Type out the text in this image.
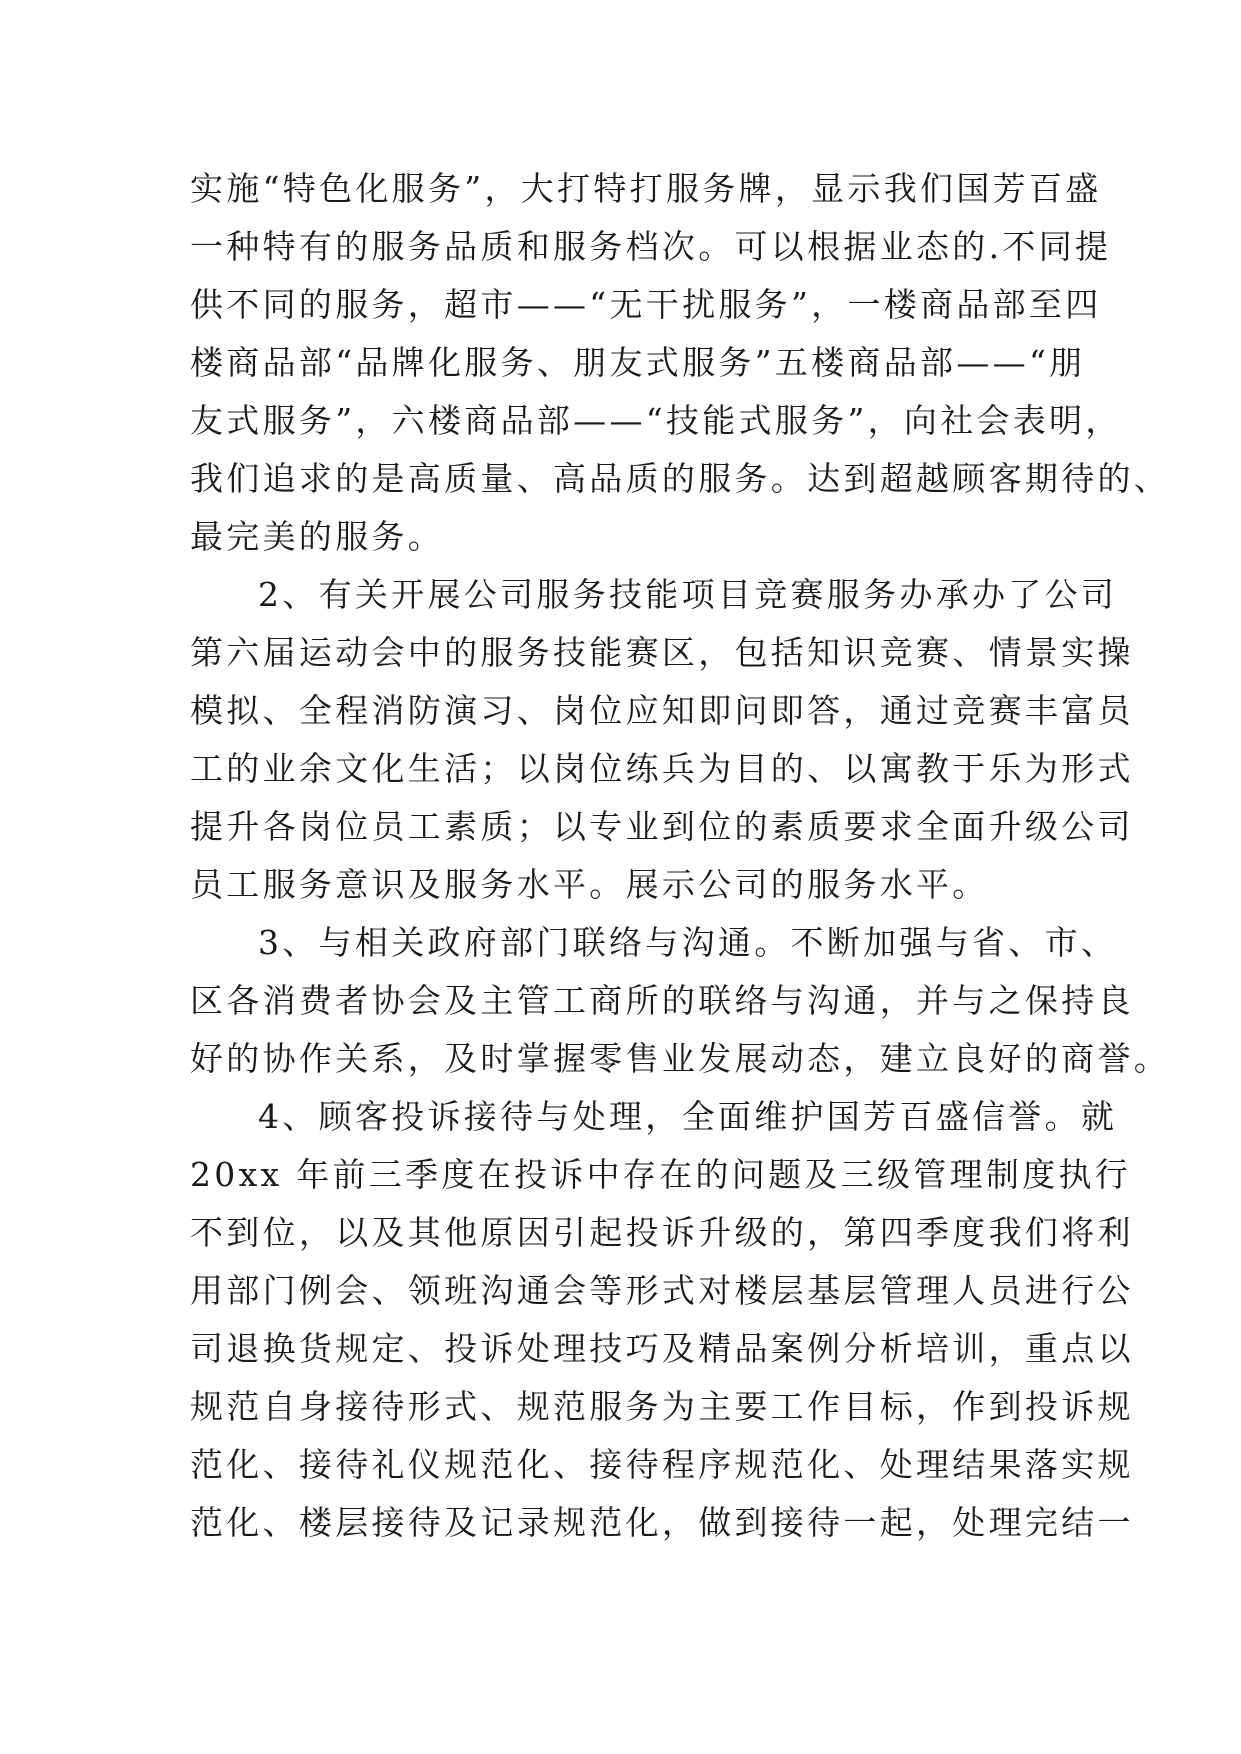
实施“特色化服务”，大打特打服务牌，显示我们国芳百盛
一种特有的服务品质和服务档次。可以根据业态的.不同提
供不同的服务，超市——“无干扰服务”，一楼商品部至四
楼商品部“品牌化服务、朋友式服务”五楼商品部——“朋
友式服务”，六楼商品部——“技能式服务”，向社会表明，
我们追求的是高质量、高品质的服务。达到超越顾客期待的、
最完美的服务。
2、有关开展公司服务技能项目竞赛服务办承办了公司
第六届运动会中的服务技能赛区，包括知识竞赛、情景实操
模拟、全程消防演习、岗位应知即问即答，通过竞赛丰富员
工的业余文化生活；以岗位练兵为目的、以寓教于乐为形式
提升各岗位员工素质；以专业到位的素质要求全面升级公司
员工服务意识及服务水平。展示公司的服务水平。
3、与相关政府部门联络与沟通。不断加强与省、市、
区各消费者协会及主管工商所的联络与沟通，并与之保持良
好的协作关系，及时掌握零售业发展动态，建立良好的商誉。
4、顾客投诉接待与处理，全面维护国芳百盛信誉。就
20xx 年前三季度在投诉中存在的问题及三级管理制度执行
不到位，以及其他原因引起投诉升级的，第四季度我们将利
用部门例会、领班沟通会等形式对楼层基层管理人员进行公
司退换货规定、投诉处理技巧及精品案例分析培训，重点以
规范自身接待形式、规范服务为主要工作目标，作到投诉规
范化、接待礼仪规范化、接待程序规范化、处理结果落实规
范化、楼层接待及记录规范化，做到接待一起，处理完结一
